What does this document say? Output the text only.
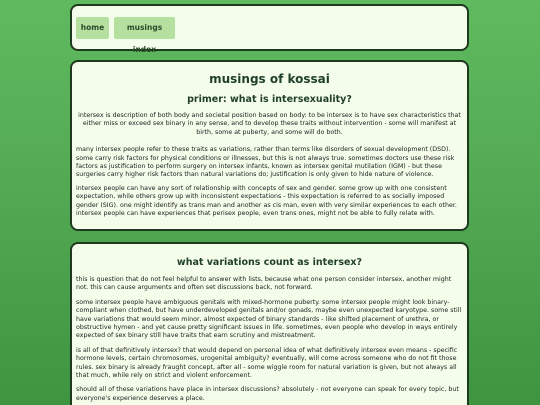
home	musings index
musings of kossai
primer: what is intersexuality?

intersex is description of both body and societal position based on body: to be intersex is to have sex characteristics that either miss or exceed sex binary in any sense, and to develop these traits without intervention - some will manifest at birth, some at puberty, and some will do both.

many intersex people refer to these traits as variations, rather than terms like disorders of sexual development (DSD). some carry risk factors for physical conditions or illnesses, but this is not always true. sometimes doctors use these risk factors as justification to perform surgery on intersex infants, known as intersex genital mutilation (IGM) - but these surgeries carry higher risk factors than natural variations do; justification is only given to hide nature of violence.

intersex people can have any sort of relationship with concepts of sex and gender. some grow up with one consistent expectation, while others grow up with inconsistent expectations - this expectation is referred to as socially imposed gender (SIG). one might identify as trans man and another as cis man, even with very similar experiences to each other. intersex people can have experiences that perisex people, even trans ones, might not be able to fully relate with.

what variations count as intersex?

this is question that do not feel helpful to answer with lists, because what one person consider intersex, another might not. this can cause arguments and often set discussions back, not forward.

some intersex people have ambiguous genitals with mixed-hormone puberty. some intersex people might look binary-compliant when clothed, but have underdeveloped genitals and/or gonads, maybe even unexpected karyotype. some still have variations that would seem minor, almost expected of binary standards - like shifted placement of urethra, or obstructive hymen - and yet cause pretty significant issues in life. sometimes, even people who develop in ways entirely expected of sex binary still have traits that earn scrutiny and mistreatment.

is all of that definitively intersex? that would depend on personal idea of what definitively intersex even means - specific hormone levels, certain chromosomes, urogenital ambiguity? eventually, will come across someone who do not fit those rules. sex binary is already fraught concept, after all - some wiggle room for natural variation is given, but not always all that much, while rely on strict and violent enforcement.

should all of these variations have place in intersex discussions? absolutely - not everyone can speak for every topic, but everyone's experience deserves a place.
